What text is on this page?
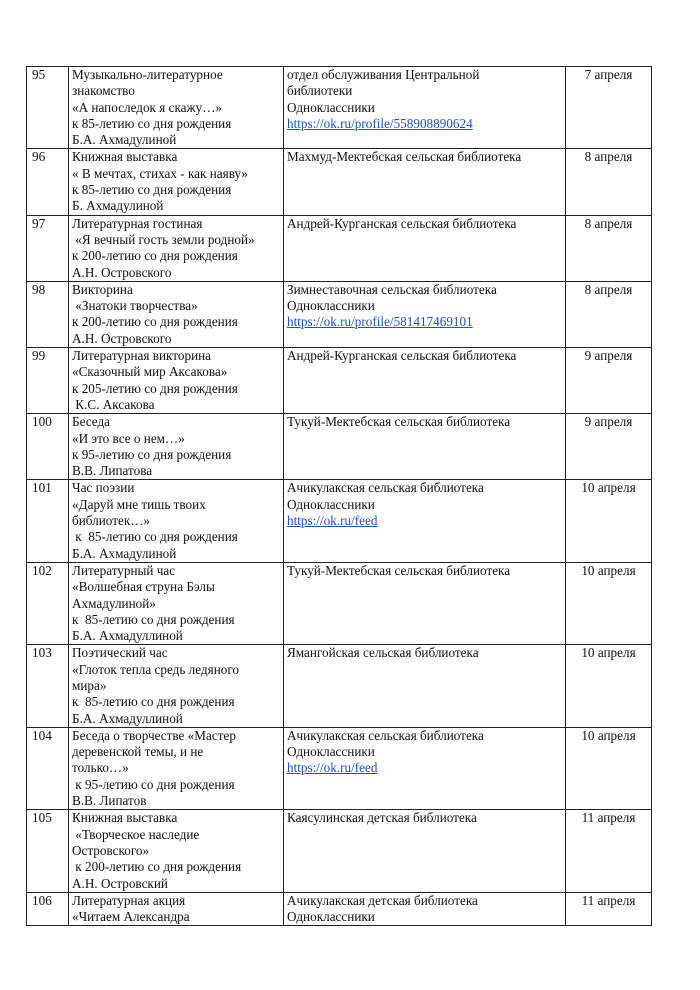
95	Музыкально-литературное
знакомство
«А напоследок я скажу…»
к 85-летию со дня рождения
Б.А. Ахмадулиной	отдел обслуживания Центральной
библиотеки
Одноклассники
https://ok.ru/profile/558908890624	7 апреля
96	Книжная выставка
« В мечтах, стихах - как наяву»
к 85-летию со дня рождения
Б. Ахмадулиной	Махмуд-Мектебская сельская библиотека	8 апреля
97	Литературная гостиная
«Я вечный гость земли родной»
к 200-летию со дня рождения
А.Н. Островского	Андрей-Курганская сельская библиотека	8 апреля
98	Викторина
«Знатоки творчества»
к 200-летию со дня рождения
А.Н. Островского	Зимнеставочная сельская библиотека
Одноклассники
https://ok.ru/profile/581417469101	8 апреля
99	Литературная викторина
«Сказочный мир Аксакова»
к 205-летию со дня рождения
К.С. Аксакова	Андрей-Курганская сельская библиотека	9 апреля
100	Беседа
«И это все о нем…»
к 95-летию со дня рождения
В.В. Липатова	Тукуй-Мектебская сельская библиотека	9 апреля
101	Час поэзии
«Даруй мне тишь твоих
библиотек…»
к  85-летию со дня рождения
Б.А. Ахмадулиной	Ачикулакская сельская библиотека
Одноклассники
https://ok.ru/feed	10 апреля
102	Литературный час
«Волшебная струна Бэлы
Ахмадулиной»
к  85-летию со дня рождения
Б.А. Ахмадуллиной	Тукуй-Мектебская сельская библиотека	10 апреля
103	Поэтический час
«Глоток тепла средь ледяного
мира»
к  85-летию со дня рождения
Б.А. Ахмадуллиной	Ямангойская сельская библиотека	10 апреля
104	Беседа о творчестве «Мастер
деревенской темы, и не
только…»
к 95-летию со дня рождения
В.В. Липатов	Ачикулакская сельская библиотека
Одноклассники
https://ok.ru/feed	10 апреля
105	Книжная выставка
«Творческое наследие
Островского»
к 200-летию со дня рождения
А.Н. Островский	Каясулинская детская библиотека	11 апреля
106	Литературная акция
«Читаем Александра	Ачикулакская детская библиотека
Одноклассники	11 апреля
